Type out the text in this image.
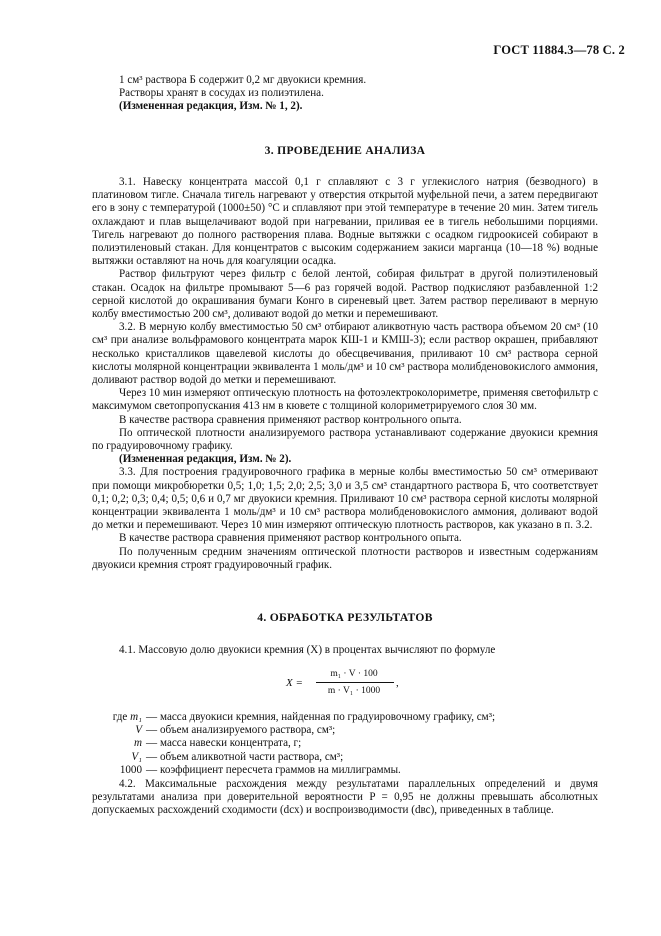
ГОСТ 11884.3—78 С. 2

1 см³ раствора Б содержит 0,2 мг двуокиси кремния.

Растворы хранят в сосудах из полиэтилена.

(Измененная редакция, Изм. № 1, 2).

3. ПРОВЕДЕНИЕ АНАЛИЗА

3.1. Навеску концентрата массой 0,1 г сплавляют с 3 г углекислого натрия (безводного) в платиновом тигле. Сначала тигель нагревают у отверстия открытой муфельной печи, а затем передвигают его в зону с температурой (1000±50) °С и сплавляют при этой температуре в течение 20 мин. Затем тигель охлаждают и плав выщелачивают водой при нагревании, приливая ее в тигель небольшими порциями. Тигель нагревают до полного растворения плава. Водные вытяжки с осадком гидроокисей собирают в полиэтиленовый стакан. Для концентратов с высоким содержанием закиси марганца (10—18 %) водные вытяжки оставляют на ночь для коагуляции осадка.

Раствор фильтруют через фильтр с белой лентой, собирая фильтрат в другой полиэтиленовый стакан. Осадок на фильтре промывают 5—6 раз горячей водой. Раствор подкисляют разбавленной 1:2 серной кислотой до окрашивания бумаги Конго в сиреневый цвет. Затем раствор переливают в мерную колбу вместимостью 200 см³, доливают водой до метки и перемешивают.

3.2. В мерную колбу вместимостью 50 см³ отбирают аликвотную часть раствора объемом 20 см³ (10 см³ при анализе вольфрамового концентрата марок КШ-1 и КМШ-3); если раствор окрашен, прибавляют несколько кристалликов щавелевой кислоты до обесцвечивания, приливают 10 см³ раствора серной кислоты молярной концентрации эквивалента 1 моль/дм³ и 10 см³ раствора молибденовокислого аммония, доливают раствор водой до метки и перемешивают.

Через 10 мин измеряют оптическую плотность на фотоэлектроколориметре, применяя светофильтр с максимумом светопропускания 413 нм в кювете с толщиной колориметрируемого слоя 30 мм.

В качестве раствора сравнения применяют раствор контрольного опыта.

По оптической плотности анализируемого раствора устанавливают содержание двуокиси кремния по градуировочному графику.

(Измененная редакция, Изм. № 2).

3.3. Для построения градуировочного графика в мерные колбы вместимостью 50 см³ отмеривают при помощи микробюретки 0,5; 1,0; 1,5; 2,0; 2,5; 3,0 и 3,5 см³ стандартного раствора Б, что соответствует 0,1; 0,2; 0,3; 0,4; 0,5; 0,6 и 0,7 мг двуокиси кремния. Приливают 10 см³ раствора серной кислоты молярной концентрации эквивалента 1 моль/дм³ и 10 см³ раствора молибденовокислого аммония, доливают водой до метки и перемешивают. Через 10 мин измеряют оптическую плотность растворов, как указано в п. 3.2.

В качестве раствора сравнения применяют раствор контрольного опыта.

По полученным средним значениям оптической плотности растворов и известным содержаниям двуокиси кремния строят градуировочный график.

4. ОБРАБОТКА РЕЗУЛЬТАТОВ

4.1. Массовую долю двуокиси кремния (X) в процентах вычисляют по формуле

X =
m₁ · V · 100
m · V₁ · 1000
,
где m₁ — масса двуокиси кремния, найденная по градуировочному графику, см³;
V — объем анализируемого раствора, см³;
m — масса навески концентрата, г;
V₁ — объем аликвотной части раствора, см³;
1000 — коэффициент пересчета граммов на миллиграммы.

4.2. Максимальные расхождения между результатами параллельных определений и двумя результатами анализа при доверительной вероятности P = 0,95 не должны превышать абсолютных допускаемых расхождений сходимости (dсх) и воспроизводимости (dвс), приведенных в таблице.
